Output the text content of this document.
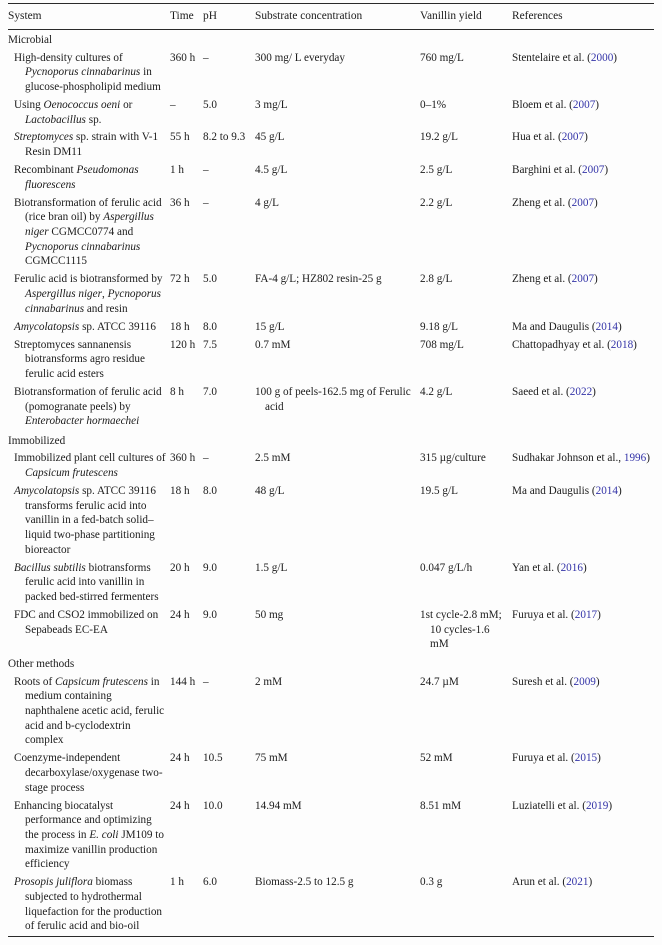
System	Time	pH	Substrate concentration	Vanillin yield	References
Microbial					
High-density cultures of Pycnoporus cinnabarinus in glucose-phospholipid medium	360 h	–	300 mg/ L everyday	760 mg/L	Stentelaire et al. (2000)
Using Oenococcus oeni or Lactobacillus sp.	–	5.0	3 mg/L	0–1%	Bloem et al. (2007)
Streptomyces sp. strain with V-1 Resin DM11	55 h	8.2 to 9.3	45 g/L	19.2 g/L	Hua et al. (2007)
Recombinant Pseudomonas fluorescens	1 h	–	4.5 g/L	2.5 g/L	Barghini et al. (2007)
Biotransformation of ferulic acid (rice bran oil) by Aspergillus niger CGMCC0774 and Pycnoporus cinnabarinus CGMCC1115	36 h	–	4 g/L	2.2 g/L	Zheng et al. (2007)
Ferulic acid is biotransformed by Aspergillus niger, Pycnoporus cinnabarinus and resin	72 h	5.0	FA-4 g/L; HZ802 resin-25 g	2.8 g/L	Zheng et al. (2007)
Amycolatopsis sp. ATCC 39116	18 h	8.0	15 g/L	9.18 g/L	Ma and Daugulis (2014)
Streptomyces sannanensis biotransforms agro residue ferulic acid esters	120 h	7.5	0.7 mM	708 mg/L	Chattopadhyay et al. (2018)
Biotransformation of ferulic acid (pomogranate peels) by Enterobacter hormaechei	8 h	7.0	100 g of peels-162.5 mg of Ferulic acid	4.2 g/L	Saeed et al. (2022)
Immobilized					
Immobilized plant cell cultures of Capsicum frutescens	360 h	–	2.5 mM	315 µg/culture	Sudhakar Johnson et al., 1996)
Amycolatopsis sp. ATCC 39116 transforms ferulic acid into vanillin in a fed-batch solid–liquid two-phase partitioning bioreactor	18 h	8.0	48 g/L	19.5 g/L	Ma and Daugulis (2014)
Bacillus subtilis biotransforms ferulic acid into vanillin in packed bed-stirred fermenters	20 h	9.0	1.5 g/L	0.047 g/L/h	Yan et al. (2016)
FDC and CSO2 immobilized on Sepabeads EC-EA	24 h	9.0	50 mg	1st cycle-2.8 mM; 10 cycles-1.6 mM	Furuya et al. (2017)
Other methods					
Roots of Capsicum frutescens in medium containing naphthalene acetic acid, ferulic acid and b-cyclodextrin complex	144 h	–	2 mM	24.7 µM	Suresh et al. (2009)
Coenzyme-independent decarboxylase/oxygenase two-stage process	24 h	10.5	75 mM	52 mM	Furuya et al. (2015)
Enhancing biocatalyst performance and optimizing the process in E. coli JM109 to maximize vanillin production efficiency	24 h	10.0	14.94 mM	8.51 mM	Luziatelli et al. (2019)
Prosopis juliflora biomass subjected to hydrothermal liquefaction for the production of ferulic acid and bio-oil	1 h	6.0	Biomass-2.5 to 12.5 g	0.3 g	Arun et al. (2021)
